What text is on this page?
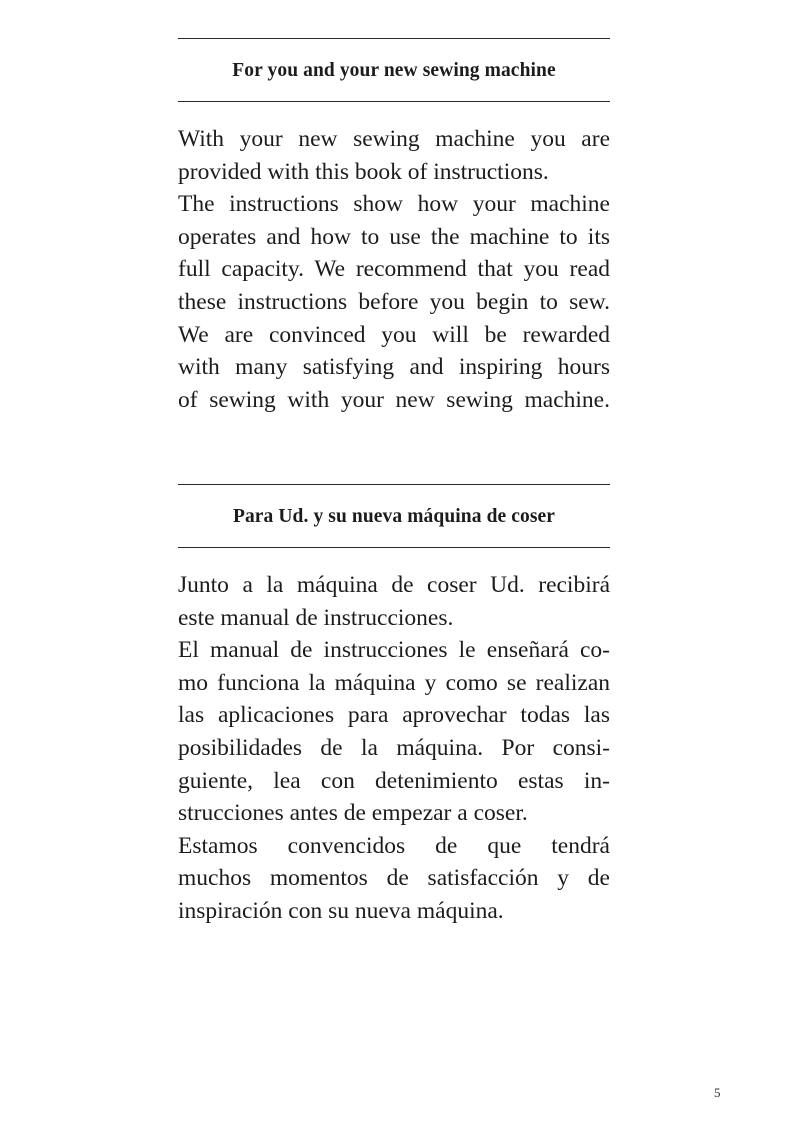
For you and your new sewing machine
With your new sewing machine you are
provided with this book of instructions.
The instructions show how your machine
operates and how to use the machine to its
full capacity. We recommend that you read
these instructions before you begin to sew.
We are convinced you will be rewarded
with many satisfying and inspiring hours
of sewing with your new sewing machine.
Para Ud. y su nueva máquina de coser
Junto a la máquina de coser Ud. recibirá
este manual de instrucciones.
El manual de instrucciones le enseñará co-
mo funciona la máquina y como se realizan
las aplicaciones para aprovechar todas las
posibilidades de la máquina. Por consi-
guiente, lea con detenimiento estas in-
strucciones antes de empezar a coser.
Estamos convencidos de que tendrá
muchos momentos de satisfacción y de
inspiración con su nueva máquina.
5
